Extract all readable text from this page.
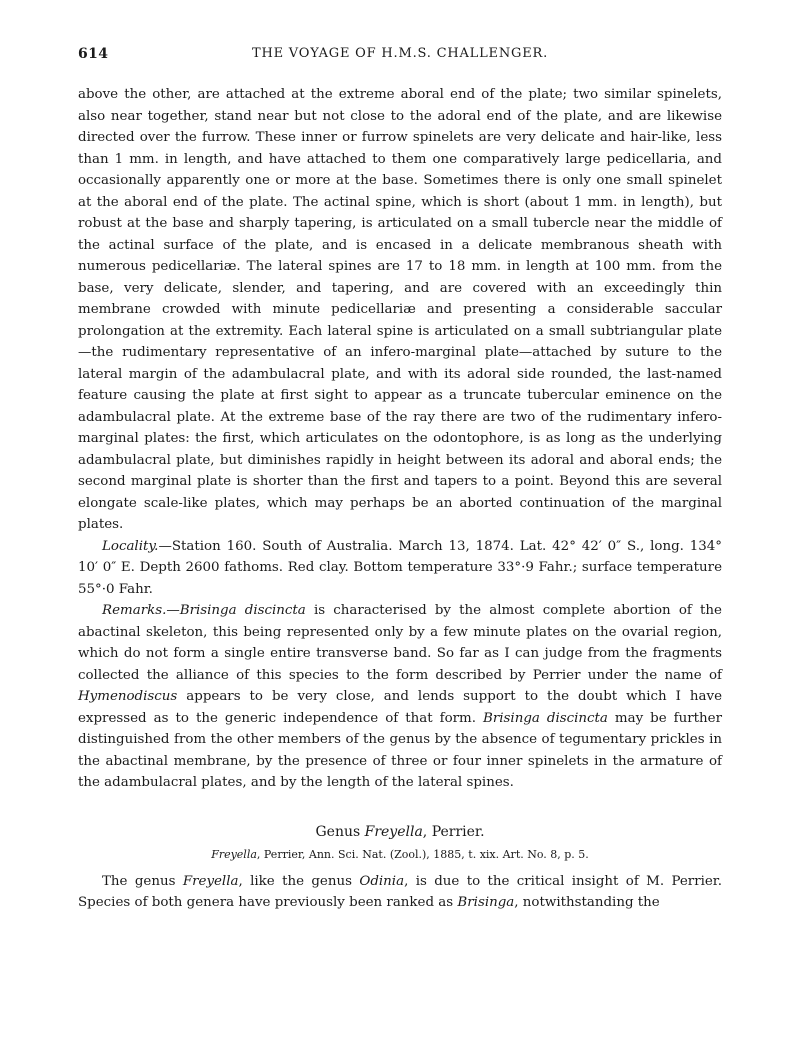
614	THE VOYAGE OF H.M.S. CHALLENGER.

above the other, are attached at the extreme aboral end of the plate; two similar spinelets, also near together, stand near but not close to the adoral end of the plate, and are likewise directed over the furrow. These inner or furrow spinelets are very delicate and hair-like, less than 1 mm. in length, and have attached to them one comparatively large pedicellaria, and occasionally apparently one or more at the base. Sometimes there is only one small spinelet at the aboral end of the plate. The actinal spine, which is short (about 1 mm. in length), but robust at the base and sharply tapering, is articulated on a small tubercle near the middle of the actinal surface of the plate, and is encased in a delicate membranous sheath with numerous pedicellariæ. The lateral spines are 17 to 18 mm. in length at 100 mm. from the base, very delicate, slender, and tapering, and are covered with an exceedingly thin membrane crowded with minute pedicellariæ and presenting a considerable saccular prolongation at the extremity. Each lateral spine is articulated on a small subtriangular plate—the rudimentary representative of an infero-marginal plate—attached by suture to the lateral margin of the adambulacral plate, and with its adoral side rounded, the last-named feature causing the plate at first sight to appear as a truncate tubercular eminence on the adambulacral plate. At the extreme base of the ray there are two of the rudimentary infero-marginal plates: the first, which articulates on the odontophore, is as long as the underlying adambulacral plate, but diminishes rapidly in height between its adoral and aboral ends; the second marginal plate is shorter than the first and tapers to a point. Beyond this are several elongate scale-like plates, which may perhaps be an aborted continuation of the marginal plates.

Locality.—Station 160. South of Australia. March 13, 1874. Lat. 42° 42′ 0″ S., long. 134° 10′ 0″ E. Depth 2600 fathoms. Red clay. Bottom temperature 33°·9 Fahr.; surface temperature 55°·0 Fahr.

Remarks.—Brisinga discincta is characterised by the almost complete abortion of the abactinal skeleton, this being represented only by a few minute plates on the ovarial region, which do not form a single entire transverse band. So far as I can judge from the fragments collected the alliance of this species to the form described by Perrier under the name of Hymenodiscus appears to be very close, and lends support to the doubt which I have expressed as to the generic independence of that form. Brisinga discincta may be further distinguished from the other members of the genus by the absence of tegumentary prickles in the abactinal membrane, by the presence of three or four inner spinelets in the armature of the adambulacral plates, and by the length of the lateral spines.

Genus Freyella, Perrier.
Freyella, Perrier, Ann. Sci. Nat. (Zool.), 1885, t. xix. Art. No. 8, p. 5.

The genus Freyella, like the genus Odinia, is due to the critical insight of M. Perrier. Species of both genera have previously been ranked as Brisinga, notwithstanding the
